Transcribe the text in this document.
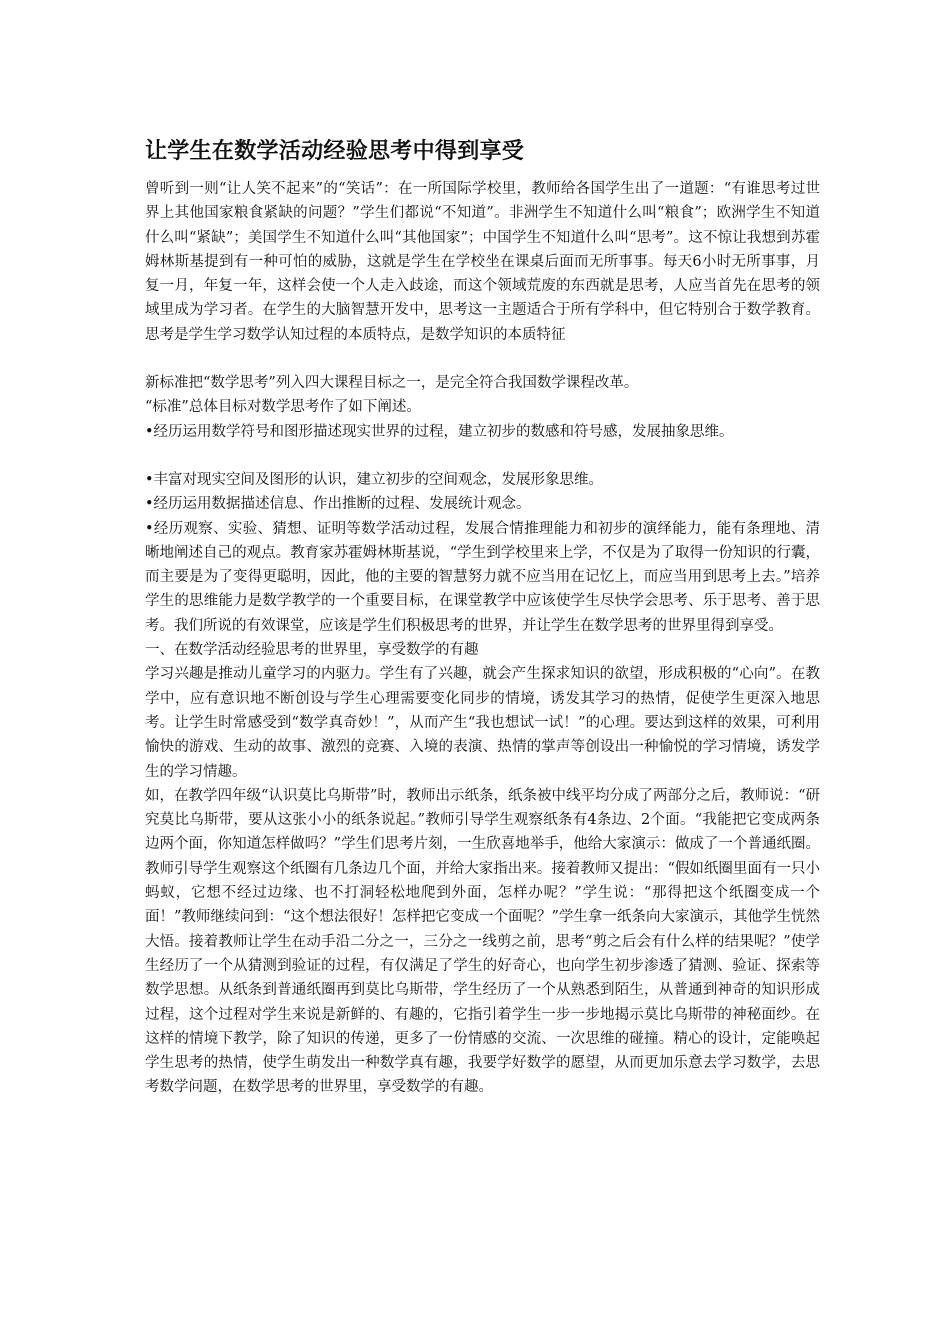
让学生在数学活动经验思考中得到享受

曾听到一则“让人笑不起来”的“笑话”：在一所国际学校里，教师给各国学生出了一道题：“有谁思考过世界上其他国家粮食紧缺的问题？”学生们都说“不知道”。非洲学生不知道什么叫“粮食”；欧洲学生不知道什么叫“紧缺”；美国学生不知道什么叫“其他国家”；中国学生不知道什么叫“思考”。这不惊让我想到苏霍姆林斯基提到有一种可怕的威胁，这就是学生在学校坐在课桌后面而无所事事。每天6小时无所事事，月复一月，年复一年，这样会使一个人走入歧途，而这个领域荒废的东西就是思考，人应当首先在思考的领域里成为学习者。在学生的大脑智慧开发中，思考这一主题适合于所有学科中，但它特别合于数学教育。思考是学生学习数学认知过程的本质特点，是数学知识的本质特征

新标准把“数学思考”列入四大课程目标之一，是完全符合我国数学课程改革。

“标准”总体目标对数学思考作了如下阐述。

•经历运用数学符号和图形描述现实世界的过程，建立初步的数感和符号感，发展抽象思维。

•丰富对现实空间及图形的认识，建立初步的空间观念，发展形象思维。

•经历运用数据描述信息、作出推断的过程、发展统计观念。

•经历观察、实验、猜想、证明等数学活动过程，发展合情推理能力和初步的演绎能力，能有条理地、清晰地阐述自己的观点。教育家苏霍姆林斯基说，“学生到学校里来上学，不仅是为了取得一份知识的行囊，而主要是为了变得更聪明，因此，他的主要的智慧努力就不应当用在记忆上，而应当用到思考上去。”培养学生的思维能力是数学教学的一个重要目标，在课堂教学中应该使学生尽快学会思考、乐于思考、善于思考。我们所说的有效课堂，应该是学生们积极思考的世界，并让学生在数学思考的世界里得到享受。

一、在数学活动经验思考的世界里，享受数学的有趣

学习兴趣是推动儿童学习的内驱力。学生有了兴趣，就会产生探求知识的欲望，形成积极的“心向”。在教学中，应有意识地不断创设与学生心理需要变化同步的情境，诱发其学习的热情，促使学生更深入地思考。让学生时常感受到“数学真奇妙！”，从而产生“我也想试一试！”的心理。要达到这样的效果，可利用愉快的游戏、生动的故事、激烈的竞赛、入境的表演、热情的掌声等创设出一种愉悦的学习情境，诱发学生的学习情趣。

如，在教学四年级“认识莫比乌斯带”时，教师出示纸条，纸条被中线平均分成了两部分之后，教师说：“研究莫比乌斯带，要从这张小小的纸条说起。”教师引导学生观察纸条有4条边、2个面。“我能把它变成两条边两个面，你知道怎样做吗？”学生们思考片刻，一生欣喜地举手，他给大家演示：做成了一个普通纸圈。教师引导学生观察这个纸圈有几条边几个面，并给大家指出来。接着教师又提出：“假如纸圈里面有一只小蚂蚁，它想不经过边缘、也不打洞轻松地爬到外面，怎样办呢？”学生说：“那得把这个纸圈变成一个面！”教师继续问到：“这个想法很好！怎样把它变成一个面呢？”学生拿一纸条向大家演示，其他学生恍然大悟。接着教师让学生在动手沿二分之一，三分之一线剪之前，思考“剪之后会有什么样的结果呢？”使学生经历了一个从猜测到验证的过程，有仅满足了学生的好奇心，也向学生初步渗透了猜测、验证、探索等数学思想。从纸条到普通纸圈再到莫比乌斯带，学生经历了一个从熟悉到陌生，从普通到神奇的知识形成过程，这个过程对学生来说是新鲜的、有趣的，它指引着学生一步一步地揭示莫比乌斯带的神秘面纱。在这样的情境下教学，除了知识的传递，更多了一份情感的交流、一次思维的碰撞。精心的设计，定能唤起学生思考的热情，使学生萌发出一种数学真有趣，我要学好数学的愿望，从而更加乐意去学习数学，去思考数学问题，在数学思考的世界里，享受数学的有趣。
